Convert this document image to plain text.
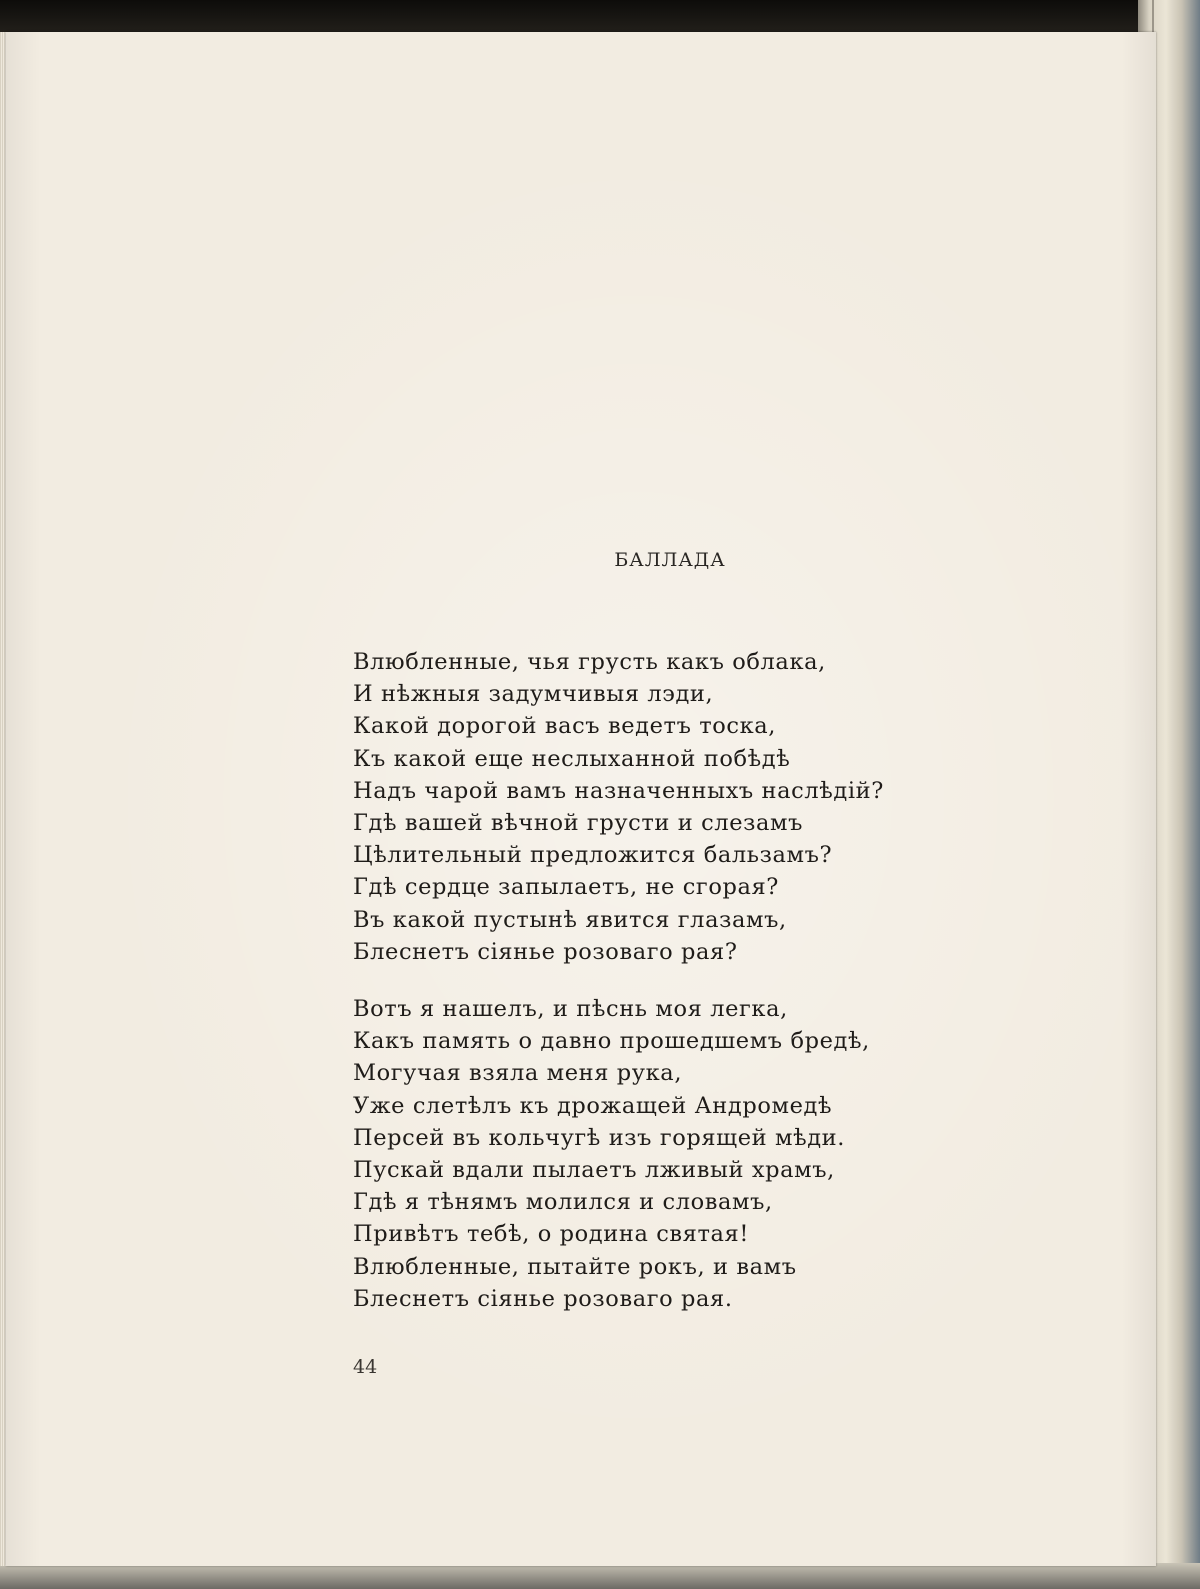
БАЛЛАДА
Влюбленные, чья грусть какъ облака,
И нѣжныя задумчивыя лэди,
Какой дорогой васъ ведетъ тоска,
Къ какой еще неслыханной побѣдѣ
Надъ чарой вамъ назначенныхъ наслѣдій?
Гдѣ вашей вѣчной грусти и слезамъ
Цѣлительный предложится бальзамъ?
Гдѣ сердце запылаетъ, не сгорая?
Въ какой пустынѣ явится глазамъ,
Блеснетъ сіянье розоваго рая?
Вотъ я нашелъ, и пѣснь моя легка,
Какъ память о давно прошедшемъ бредѣ,
Могучая взяла меня рука,
Уже слетѣлъ къ дрожащей Андромедѣ
Персей въ кольчугѣ изъ горящей мѣди.
Пускай вдали пылаетъ лживый храмъ,
Гдѣ я тѣнямъ молился и словамъ,
Привѣтъ тебѣ, о родина святая!
Влюбленные, пытайте рокъ, и вамъ
Блеснетъ сіянье розоваго рая.
44
